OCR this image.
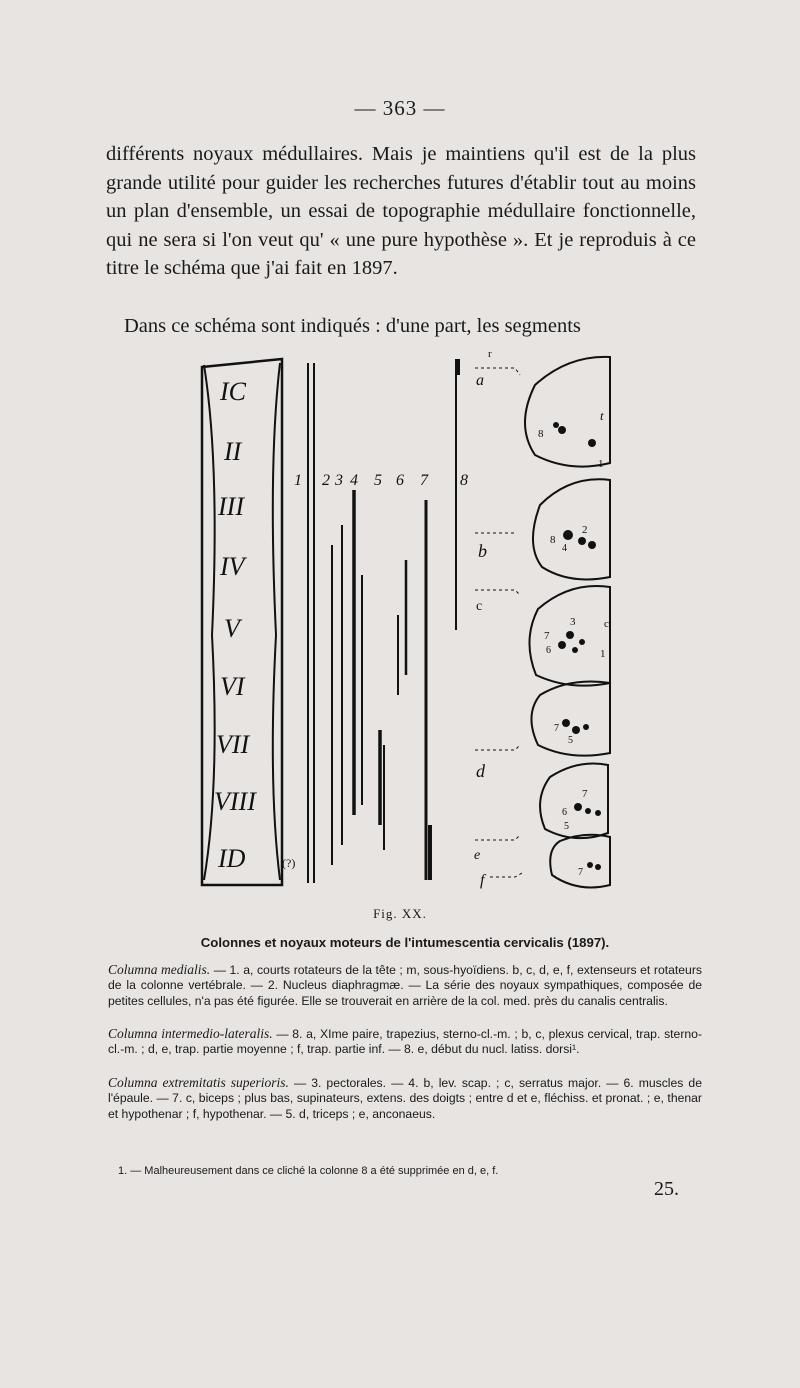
— 363 —

différents noyaux médullaires. Mais je maintiens qu'il est de la plus grande utilité pour guider les recherches futures d'établir tout au moins un plan d'ensemble, un essai de topographie médullaire fonctionnelle, qui ne sera si l'on veut qu' « une pure hypothèse ». Et je reproduis à ce titre le schéma que j'ai fait en 1897.

Dans ce schéma sont indiqués : d'une part, les segments

IC
II
III
IV
V
VI
VII
VIII
ID
1 2 3 4 5 6 7 8
r
a
b
c
d
e
f
t
8
1
8
2
4
7
3	c
6	1
7
5
6
7
5
7
(?)
Fig. XX.
Colonnes et noyaux moteurs de l'intumescentia cervicalis (1897).
Columna medialis. — 1. a, courts rotateurs de la tête ; m, sous-hyoïdiens. b, c, d, e, f, extenseurs et rotateurs de la colonne vertébrale. — 2. Nucleus diaphragmæ. — La série des noyaux sympathiques, composée de petites cellules, n'a pas été figurée. Elle se trouverait en arrière de la col. med. près du canalis centralis.
Columna intermedio-lateralis. — 8. a, XIme paire, trapezius, sterno-cl.-m. ; b, c, plexus cervical, trap. sterno-cl.-m. ; d, e, trap. partie moyenne ; f, trap. partie inf. — 8. e, début du nucl. latiss. dorsi¹.
Columna extremitatis superioris. — 3. pectorales. — 4. b, lev. scap. ; c, serratus major. — 6. muscles de l'épaule. — 7. c, biceps ; plus bas, supinateurs, extens. des doigts ; entre d et e, fléchiss. et pronat. ; e, thenar et hypothenar ; f, hypothenar. — 5. d, triceps ; e, anconaeus.
1. — Malheureusement dans ce cliché la colonne 8 a été supprimée en d, e, f.
25.
